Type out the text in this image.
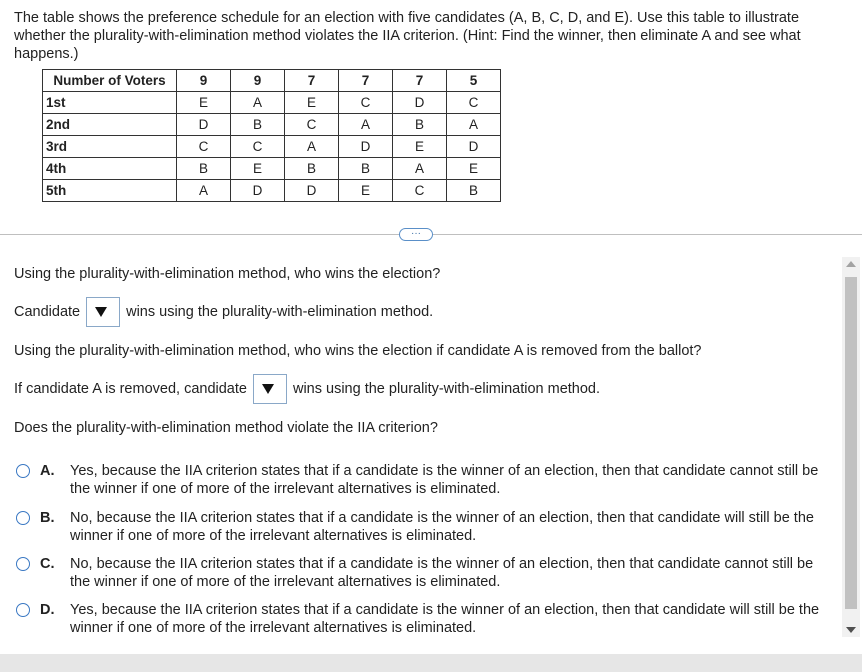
The table shows the preference schedule for an election with five candidates (A, B, C, D, and E). Use this table to illustrate whether the plurality-with-elimination method violates the IIA criterion. (Hint: Find the winner, then eliminate A and see what happens.)
Number of Voters	9	9	7	7	7	5
1st	E	A	E	C	D	C
2nd	D	B	C	A	B	A
3rd	C	C	A	D	E	D
4th	B	E	B	B	A	E
5th	A	D	D	E	C	B
···
Using the plurality-with-elimination method, who wins the election?
Candidate	wins using the plurality-with-elimination method.
Using the plurality-with-elimination method, who wins the election if candidate A is removed from the ballot?
If candidate A is removed, candidate	wins using the plurality-with-elimination method.
Does the plurality-with-elimination method violate the IIA criterion?
A.	Yes, because the IIA criterion states that if a candidate is the winner of an election, then that candidate cannot still be the winner if one of more of the irrelevant alternatives is eliminated.
B.	No, because the IIA criterion states that if a candidate is the winner of an election, then that candidate will still be the winner if one of more of the irrelevant alternatives is eliminated.
C.	No, because the IIA criterion states that if a candidate is the winner of an election, then that candidate cannot still be the winner if one of more of the irrelevant alternatives is eliminated.
D.	Yes, because the IIA criterion states that if a candidate is the winner of an election, then that candidate will still be the winner if one of more of the irrelevant alternatives is eliminated.
